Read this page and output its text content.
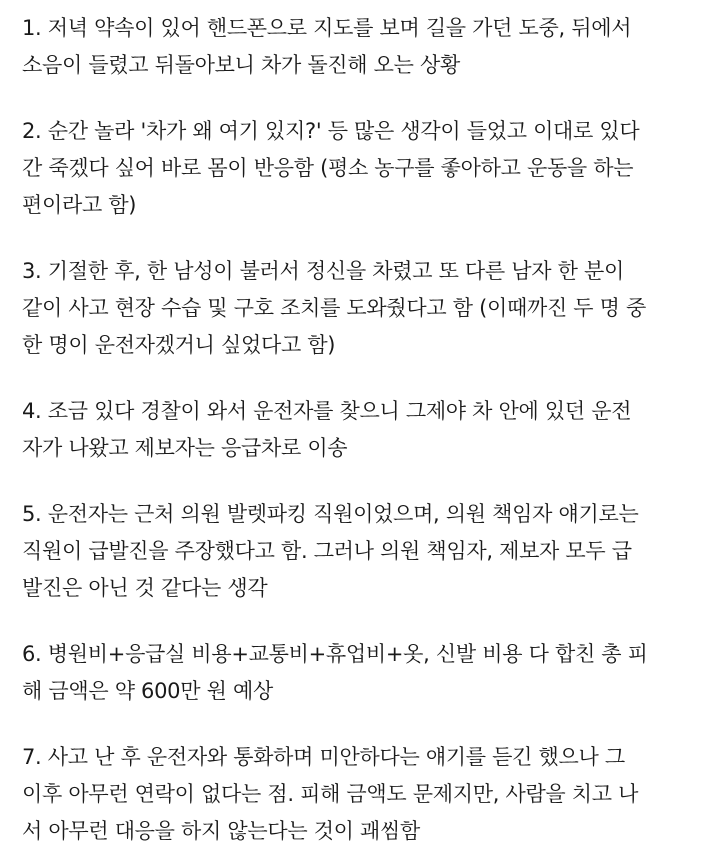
1. 저녁 약속이 있어 핸드폰으로 지도를 보며 길을 가던 도중, 뒤에서
소음이 들렸고 뒤돌아보니 차가 돌진해 오는 상황
2. 순간 놀라 '차가 왜 여기 있지?' 등 많은 생각이 들었고 이대로 있다
간 죽겠다 싶어 바로 몸이 반응함 (평소 농구를 좋아하고 운동을 하는
편이라고 함)
3. 기절한 후, 한 남성이 불러서 정신을 차렸고 또 다른 남자 한 분이
같이 사고 현장 수습 및 구호 조치를 도와줬다고 함 (이때까진 두 명 중
한 명이 운전자겠거니 싶었다고 함)
4. 조금 있다 경찰이 와서 운전자를 찾으니 그제야 차 안에 있던 운전
자가 나왔고 제보자는 응급차로 이송
5. 운전자는 근처 의원 발렛파킹 직원이었으며, 의원 책임자 얘기로는
직원이 급발진을 주장했다고 함. 그러나 의원 책임자, 제보자 모두 급
발진은 아닌 것 같다는 생각
6. 병원비+응급실 비용+교통비+휴업비+옷, 신발 비용 다 합친 총 피
해 금액은 약 600만 원 예상
7. 사고 난 후 운전자와 통화하며 미안하다는 얘기를 듣긴 했으나 그
이후 아무런 연락이 없다는 점. 피해 금액도 문제지만, 사람을 치고 나
서 아무런 대응을 하지 않는다는 것이 괘씸함
